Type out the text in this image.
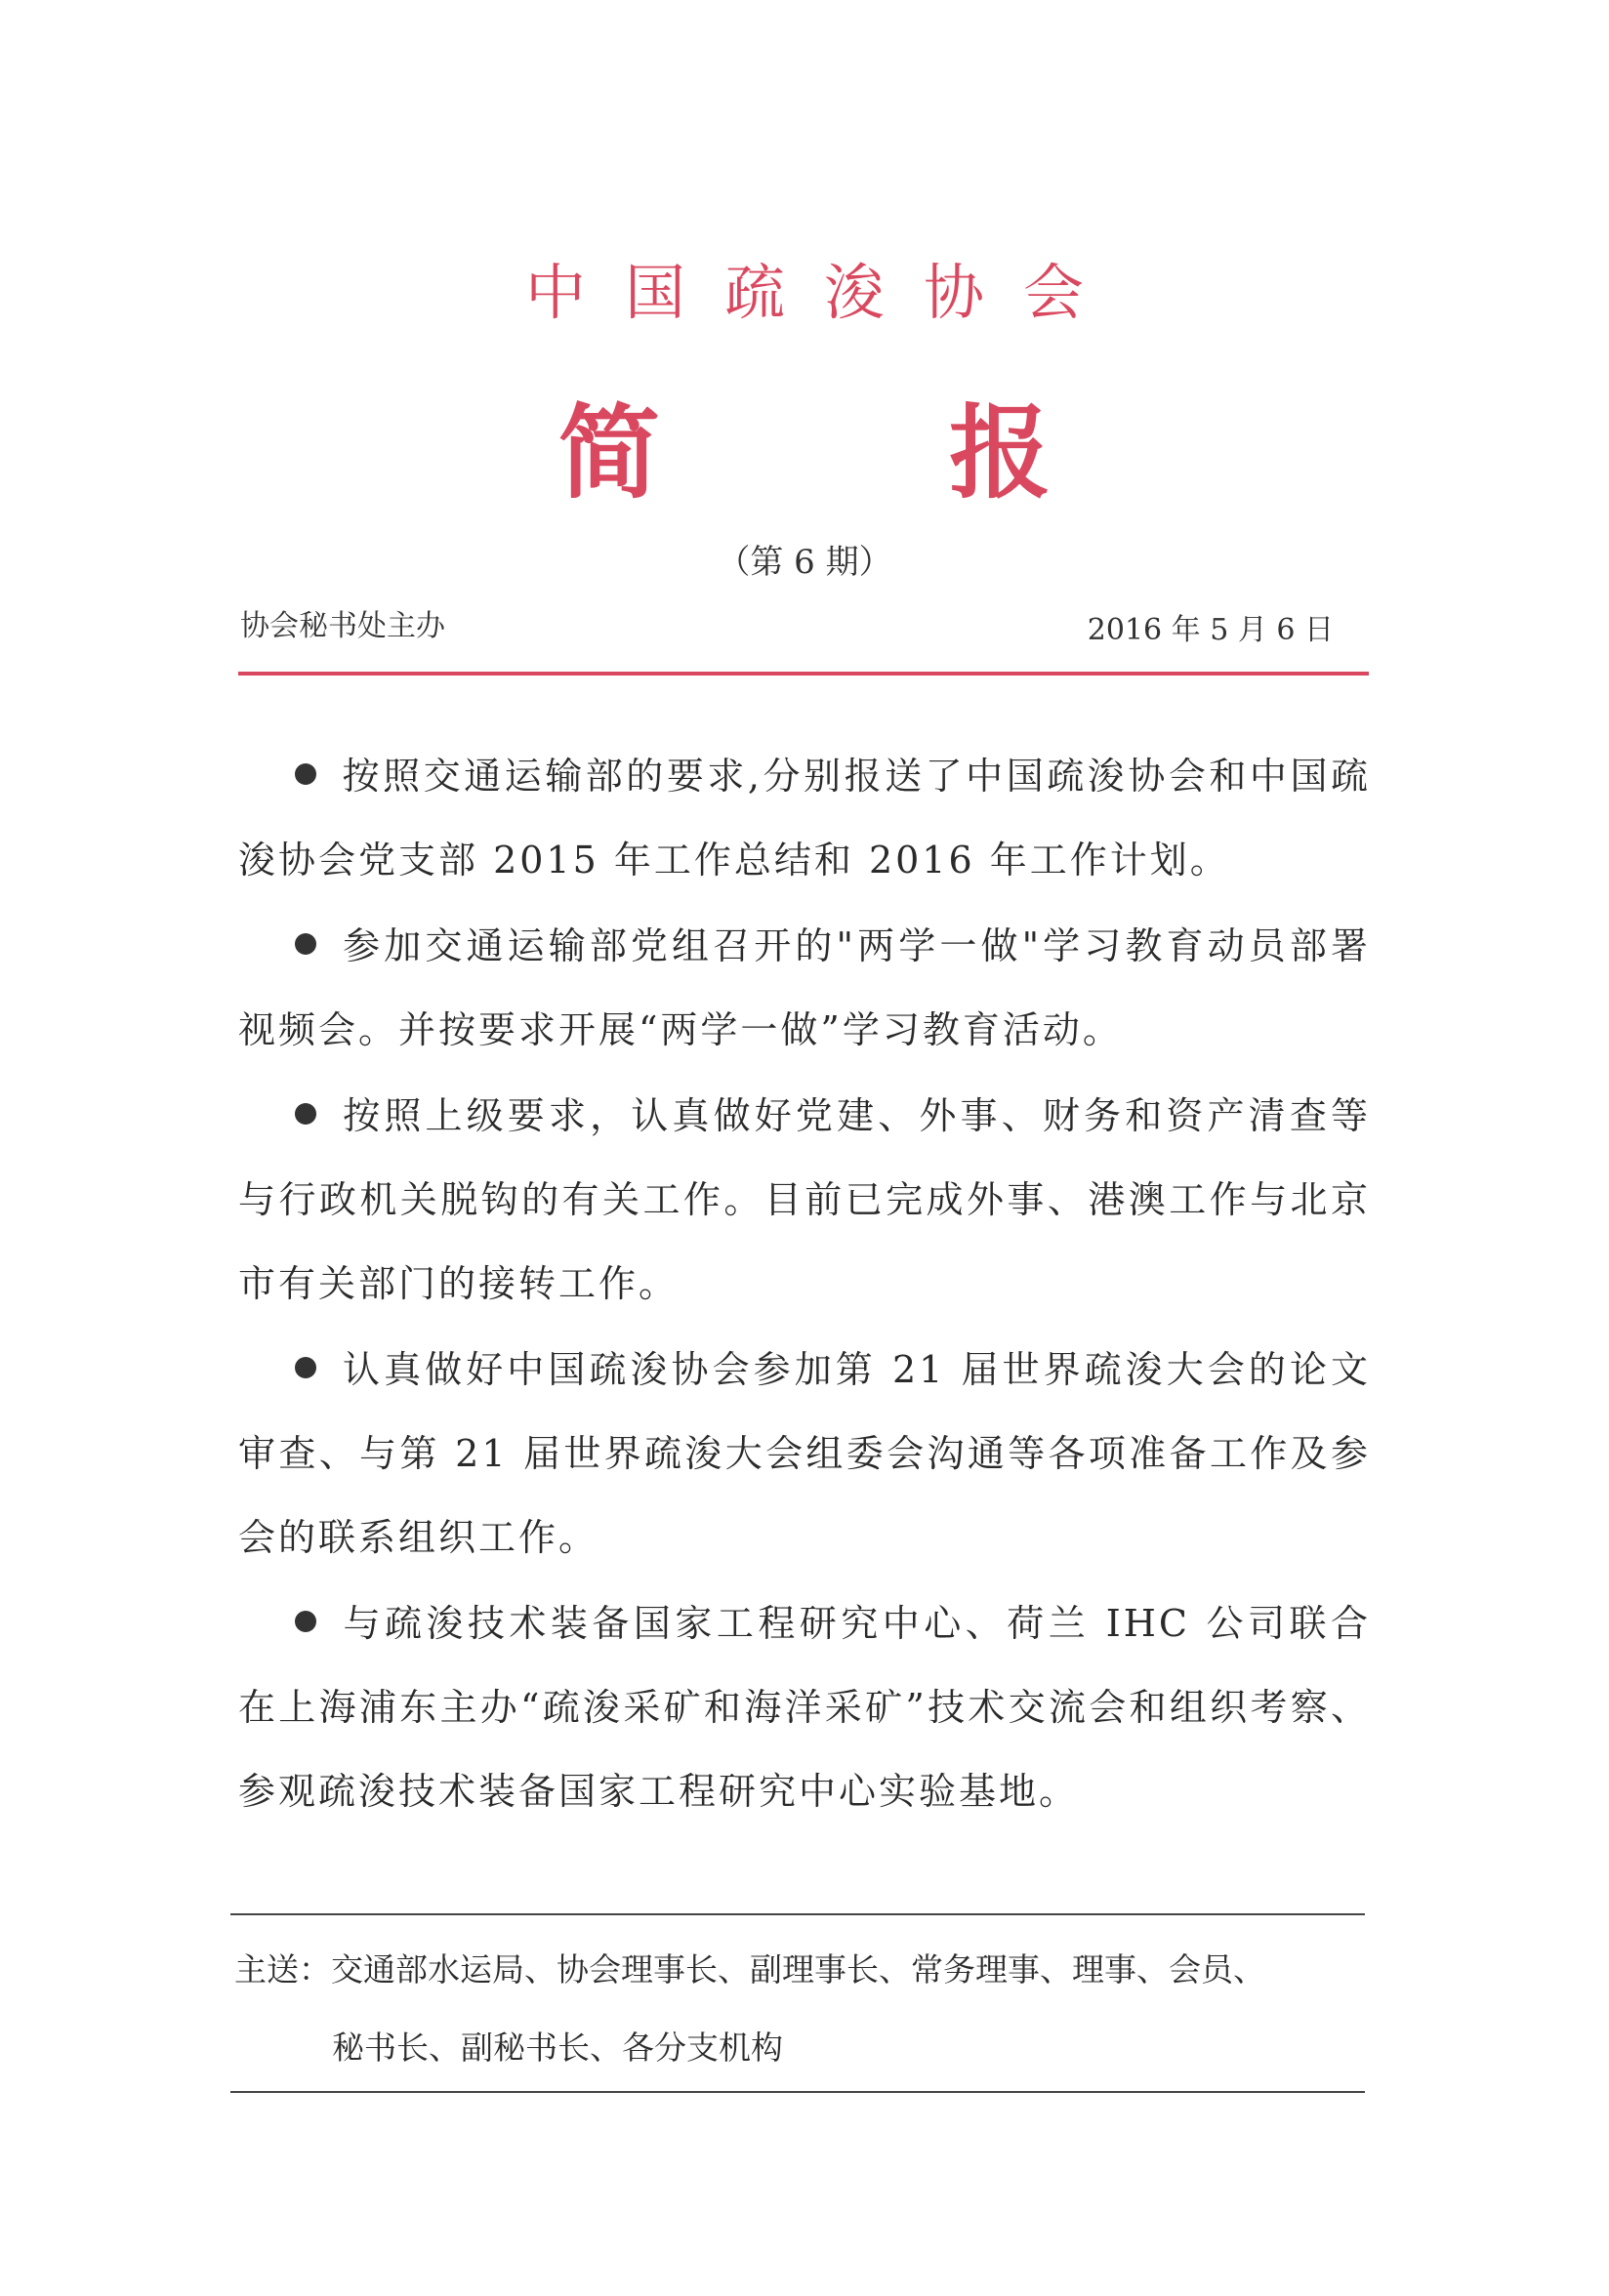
中国疏浚协会
简 报
（第 6 期）
协会秘书处主办	2016 年 5 月 6 日

按照交通运输部的要求,分别报送了中国疏浚协会和中国疏浚协会党支部 2015 年工作总结和 2016 年工作计划。

参加交通运输部党组召开的"两学一做"学习教育动员部署视频会。并按要求开展“两学一做”学习教育活动。

按照上级要求，认真做好党建、外事、财务和资产清查等与行政机关脱钩的有关工作。目前已完成外事、港澳工作与北京市有关部门的接转工作。

认真做好中国疏浚协会参加第 21 届世界疏浚大会的论文审查、与第 21 届世界疏浚大会组委会沟通等各项准备工作及参会的联系组织工作。

与疏浚技术装备国家工程研究中心、荷兰 IHC 公司联合在上海浦东主办“疏浚采矿和海洋采矿”技术交流会和组织考察、参观疏浚技术装备国家工程研究中心实验基地。

主送：交通部水运局、协会理事长、副理事长、常务理事、理事、会员、
秘书长、副秘书长、各分支机构
